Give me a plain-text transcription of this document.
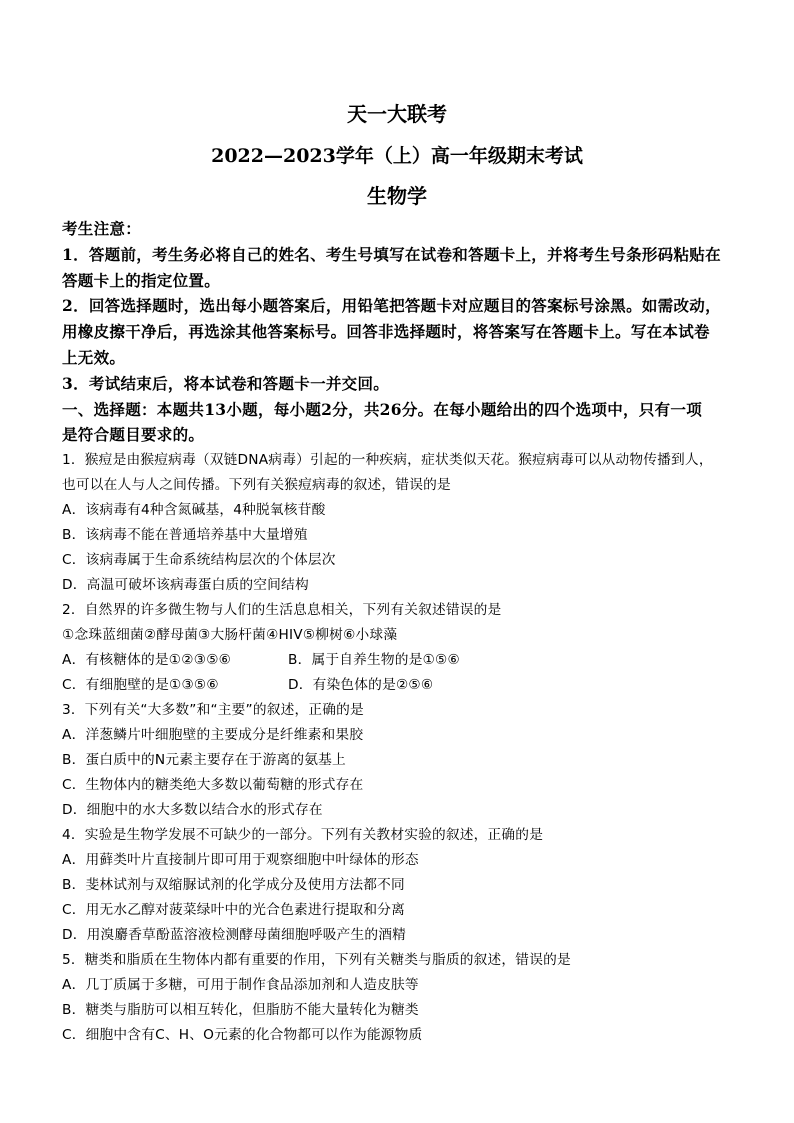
天一大联考
2022—2023学年（上）高一年级期末考试
生物学

考生注意：

1．答题前，考生务必将自己的姓名、考生号填写在试卷和答题卡上，并将考生号条形码粘贴在

答题卡上的指定位置。

2．回答选择题时，选出每小题答案后，用铅笔把答题卡对应题目的答案标号涂黑。如需改动，

用橡皮擦干净后，再选涂其他答案标号。回答非选择题时，将答案写在答题卡上。写在本试卷

上无效。

3．考试结束后，将本试卷和答题卡一并交回。

一、选择题：本题共13小题，每小题2分，共26分。在每小题给出的四个选项中，只有一项

是符合题目要求的。

1．猴痘是由猴痘病毒（双链DNA病毒）引起的一种疾病，症状类似天花。猴痘病毒可以从动物传播到人，

也可以在人与人之间传播。下列有关猴痘病毒的叙述，错误的是

A．该病毒有4种含氮碱基，4种脱氧核苷酸

B．该病毒不能在普通培养基中大量增殖

C．该病毒属于生命系统结构层次的个体层次

D．高温可破坏该病毒蛋白质的空间结构

2．自然界的许多微生物与人们的生活息息相关，下列有关叙述错误的是

①念珠蓝细菌②酵母菌③大肠杆菌④HIV⑤柳树⑥小球藻

A．有核糖体的是①②③⑤⑥	B．属于自养生物的是①⑤⑥

C．有细胞壁的是①③⑤⑥	D．有染色体的是②⑤⑥

3．下列有关“大多数”和“主要”的叙述，正确的是

A．洋葱鳞片叶细胞壁的主要成分是纤维素和果胶

B．蛋白质中的N元素主要存在于游离的氨基上

C．生物体内的糖类绝大多数以葡萄糖的形式存在

D．细胞中的水大多数以结合水的形式存在

4．实验是生物学发展不可缺少的一部分。下列有关教材实验的叙述，正确的是

A．用藓类叶片直接制片即可用于观察细胞中叶绿体的形态

B．斐林试剂与双缩脲试剂的化学成分及使用方法都不同

C．用无水乙醇对菠菜绿叶中的光合色素进行提取和分离

D．用溴麝香草酚蓝溶液检测酵母菌细胞呼吸产生的酒精

5．糖类和脂质在生物体内都有重要的作用，下列有关糖类与脂质的叙述，错误的是

A．几丁质属于多糖，可用于制作食品添加剂和人造皮肤等

B．糖类与脂肪可以相互转化，但脂肪不能大量转化为糖类

C．细胞中含有C、H、O元素的化合物都可以作为能源物质
